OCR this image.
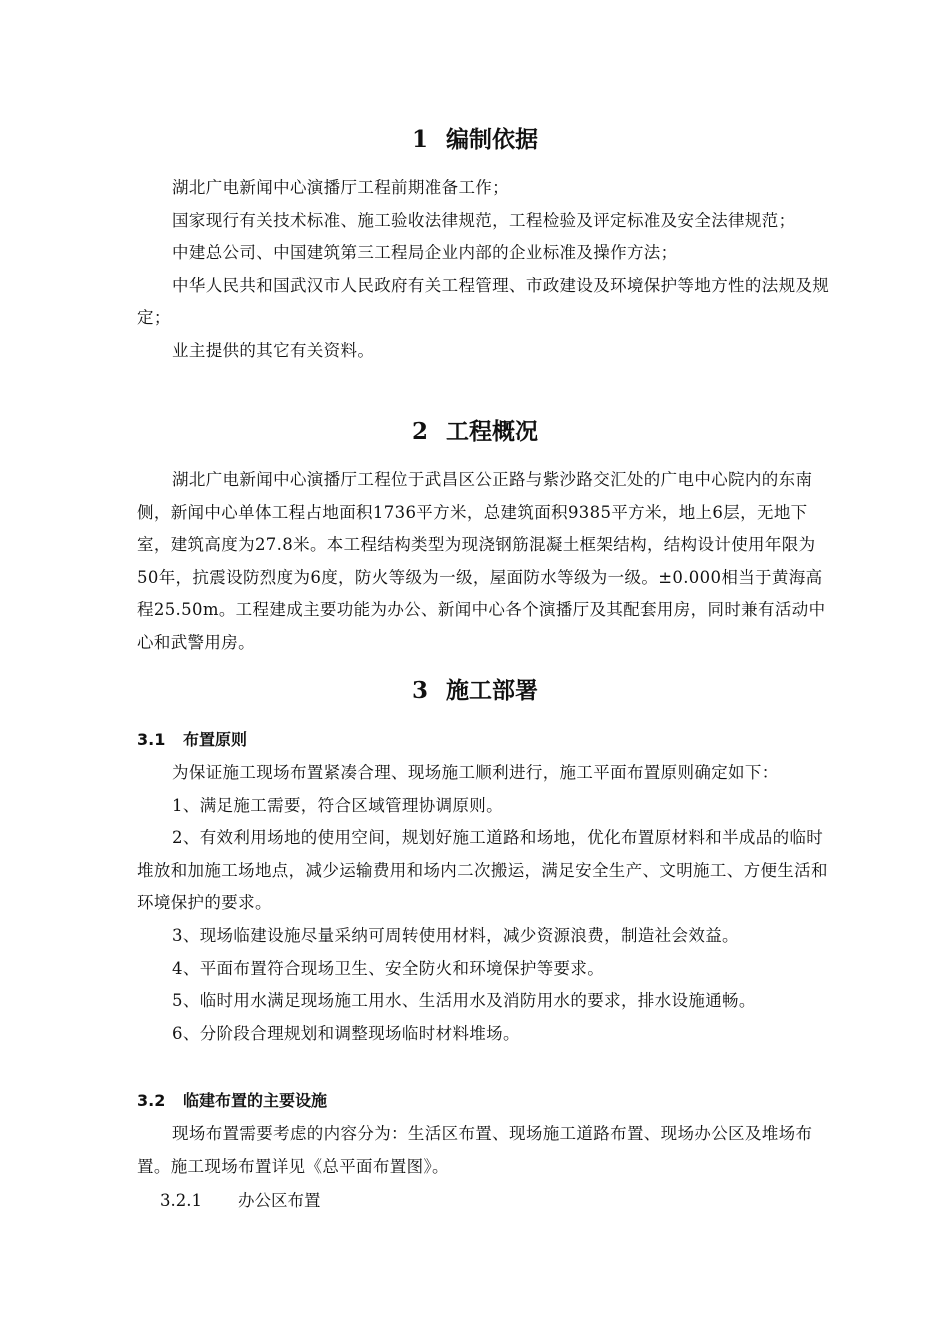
1 编制依据

湖北广电新闻中心演播厅工程前期准备工作；

国家现行有关技术标准、施工验收法律规范，工程检验及评定标准及安全法律规范；

中建总公司、中国建筑第三工程局企业内部的企业标准及操作方法；

中华人民共和国武汉市人民政府有关工程管理、市政建设及环境保护等地方性的法规及规定；

业主提供的其它有关资料。

2 工程概况

湖北广电新闻中心演播厅工程位于武昌区公正路与紫沙路交汇处的广电中心院内的东南侧，新闻中心单体工程占地面积1736平方米，总建筑面积9385平方米，地上6层，无地下室，建筑高度为27.8米。本工程结构类型为现浇钢筋混凝土框架结构，结构设计使用年限为50年，抗震设防烈度为6度，防火等级为一级，屋面防水等级为一级。±0.000相当于黄海高程25.50m。工程建成主要功能为办公、新闻中心各个演播厅及其配套用房，同时兼有活动中心和武警用房。

3 施工部署
3.1 布置原则

为保证施工现场布置紧凑合理、现场施工顺利进行，施工平面布置原则确定如下：

1、满足施工需要，符合区域管理协调原则。

2、有效利用场地的使用空间，规划好施工道路和场地，优化布置原材料和半成品的临时堆放和加施工场地点，减少运输费用和场内二次搬运，满足安全生产、文明施工、方便生活和环境保护的要求。

3、现场临建设施尽量采纳可周转使用材料，减少资源浪费，制造社会效益。

4、平面布置符合现场卫生、安全防火和环境保护等要求。

5、临时用水满足现场施工用水、生活用水及消防用水的要求，排水设施通畅。

6、分阶段合理规划和调整现场临时材料堆场。

3.2 临建布置的主要设施

现场布置需要考虑的内容分为：生活区布置、现场施工道路布置、现场办公区及堆场布置。施工现场布置详见《总平面布置图》。

3.2.1 办公区布置
